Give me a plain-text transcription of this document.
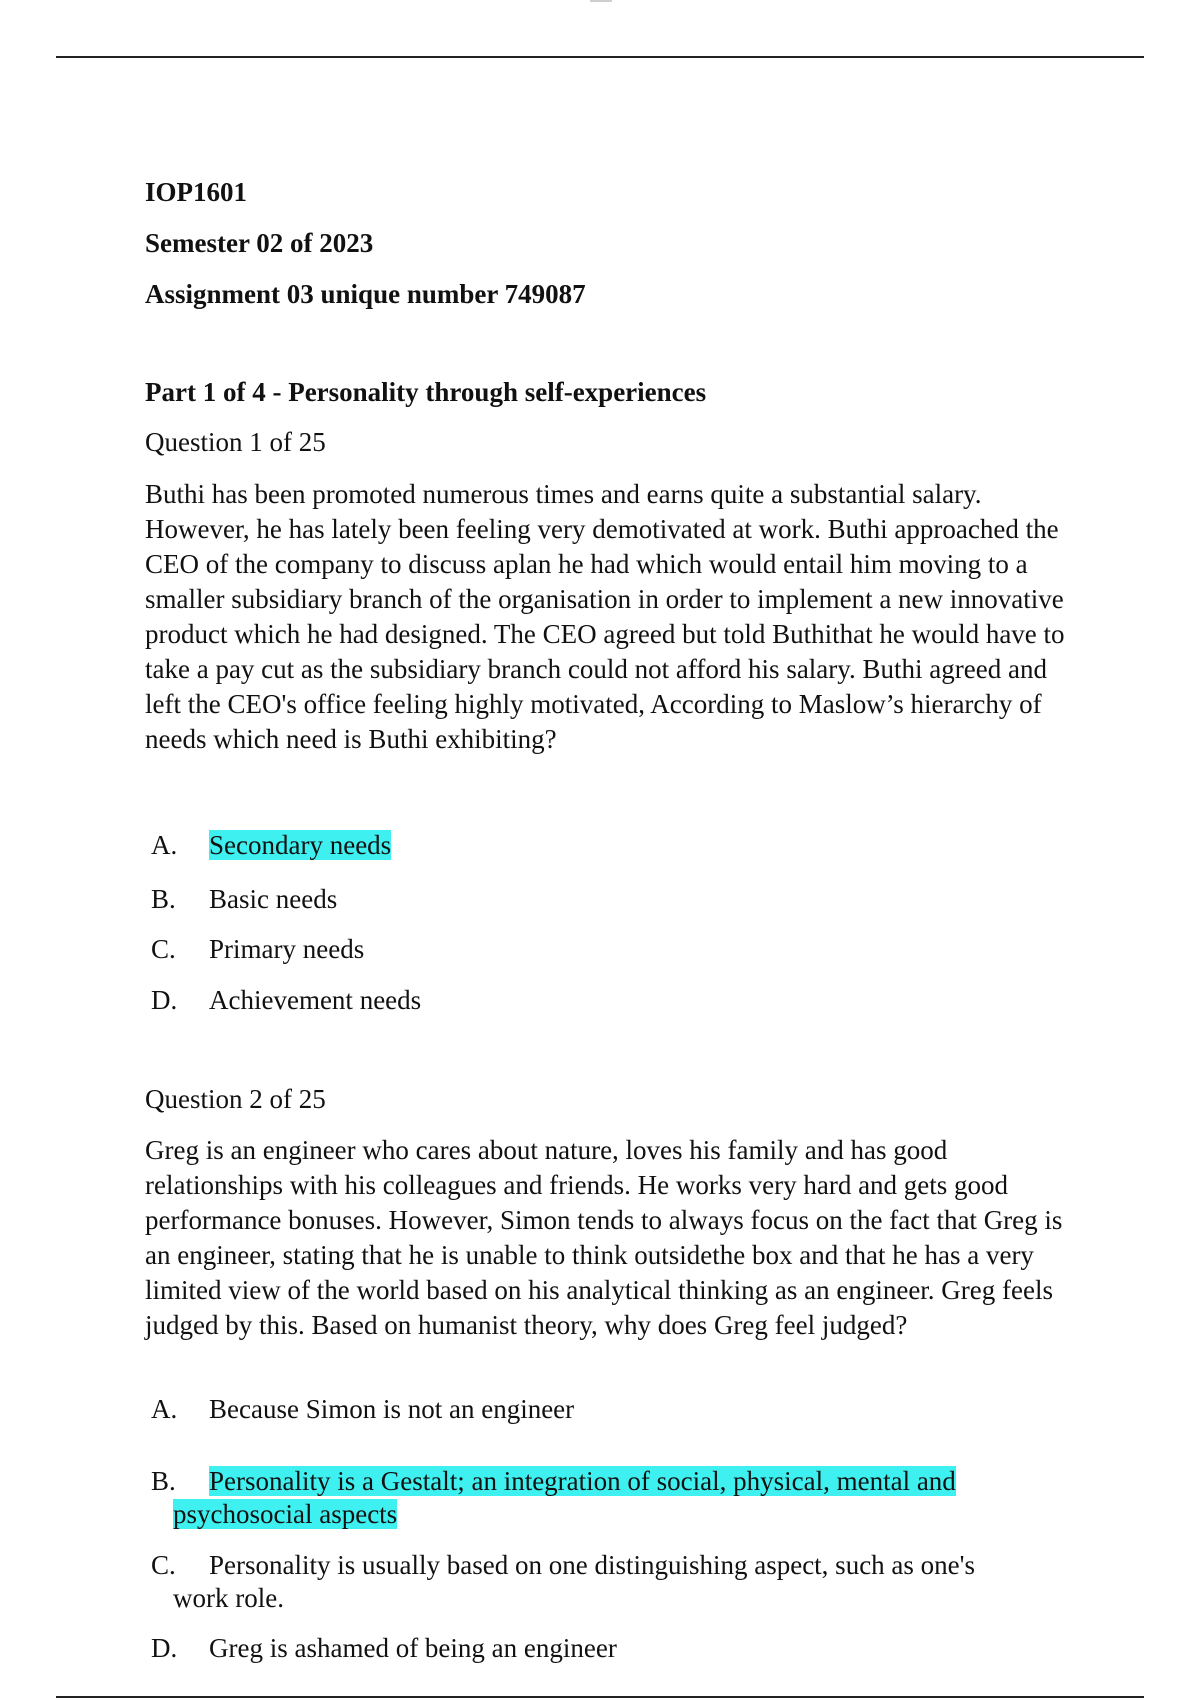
IOP1601
Semester 02 of 2023
Assignment 03 unique number 749087
Part 1 of 4 - Personality through self-experiences
Question 1 of 25
Buthi has been promoted numerous times and earns quite a substantial salary. However, he has lately been feeling very demotivated at work. Buthi approached the CEO of the company to discuss aplan he had which would entail him moving to a smaller subsidiary branch of the organisation in order to implement a new innovative product which he had designed. The CEO agreed but told Buthithat he would have to take a pay cut as the subsidiary branch could not afford his salary. Buthi agreed and left the CEO's office feeling highly motivated, According to Maslow’s hierarchy of needs which need is Buthi exhibiting?
A. Secondary needs
B. Basic needs
C. Primary needs
D. Achievement needs
Question 2 of 25
Greg is an engineer who cares about nature, loves his family and has good relationships with his colleagues and friends. He works very hard and gets good performance bonuses. However, Simon tends to always focus on the fact that Greg is an engineer, stating that he is unable to think outsidethe box and that he has a very limited view of the world based on his analytical thinking as an engineer. Greg feels judged by this. Based on humanist theory, why does Greg feel judged?
A. Because Simon is not an engineer
B. Personality is a Gestalt; an integration of social, physical, mental and
psychosocial aspects
C. Personality is usually based on one distinguishing aspect, such as one's
work role.
D. Greg is ashamed of being an engineer
